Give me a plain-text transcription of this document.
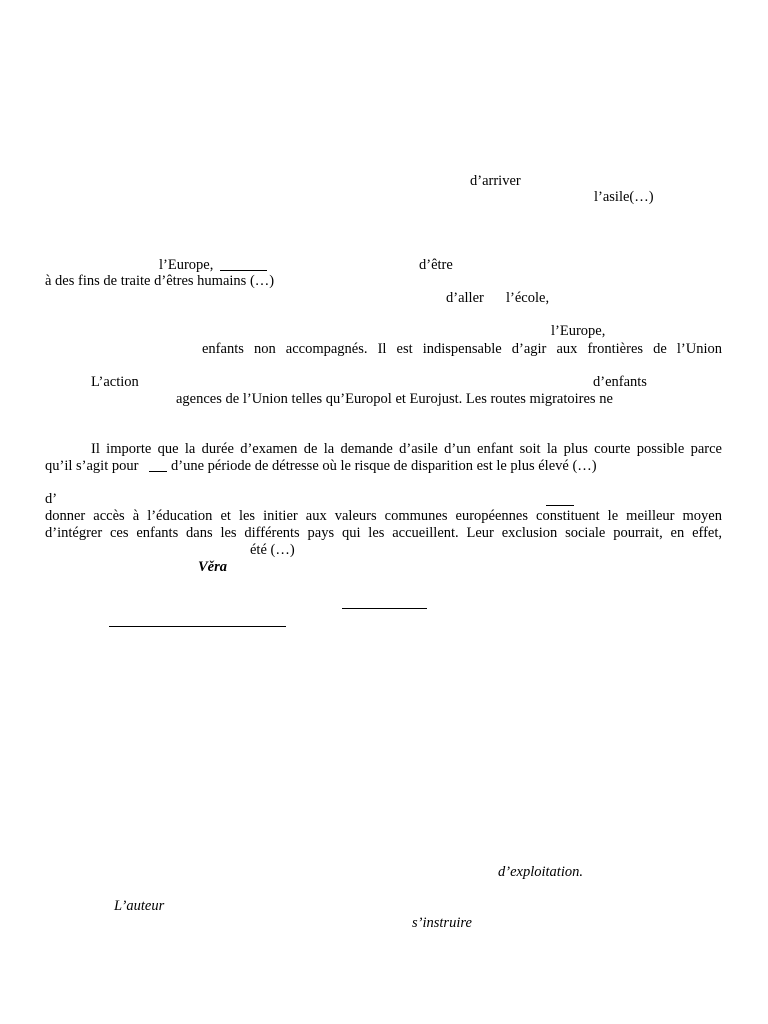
d’arriver
l’asile(…)
l’Europe,	d’être
à des fins de traite d’êtres humains (…)
d’aller l’école,
l’Europe,
enfants non accompagnés. Il est indispensable d’agir aux frontières de l’Union
L’action	d’enfants
agences de l’Union telles qu’Europol et Eurojust. Les routes migratoires ne
Il importe que la durée d’examen de la demande d’asile d’un enfant soit la plus courte possible parce
qu’il s’agit pour d’une période de détresse où le risque de disparition est le plus élevé (…)
d’
donner accès à l’éducation et les initier aux valeurs communes européennes constituent le meilleur moyen
d’intégrer ces enfants dans les différents pays qui les accueillent. Leur exclusion sociale pourrait, en effet,
été (…)
Věra
d’exploitation.
L’auteur
s’instruire
